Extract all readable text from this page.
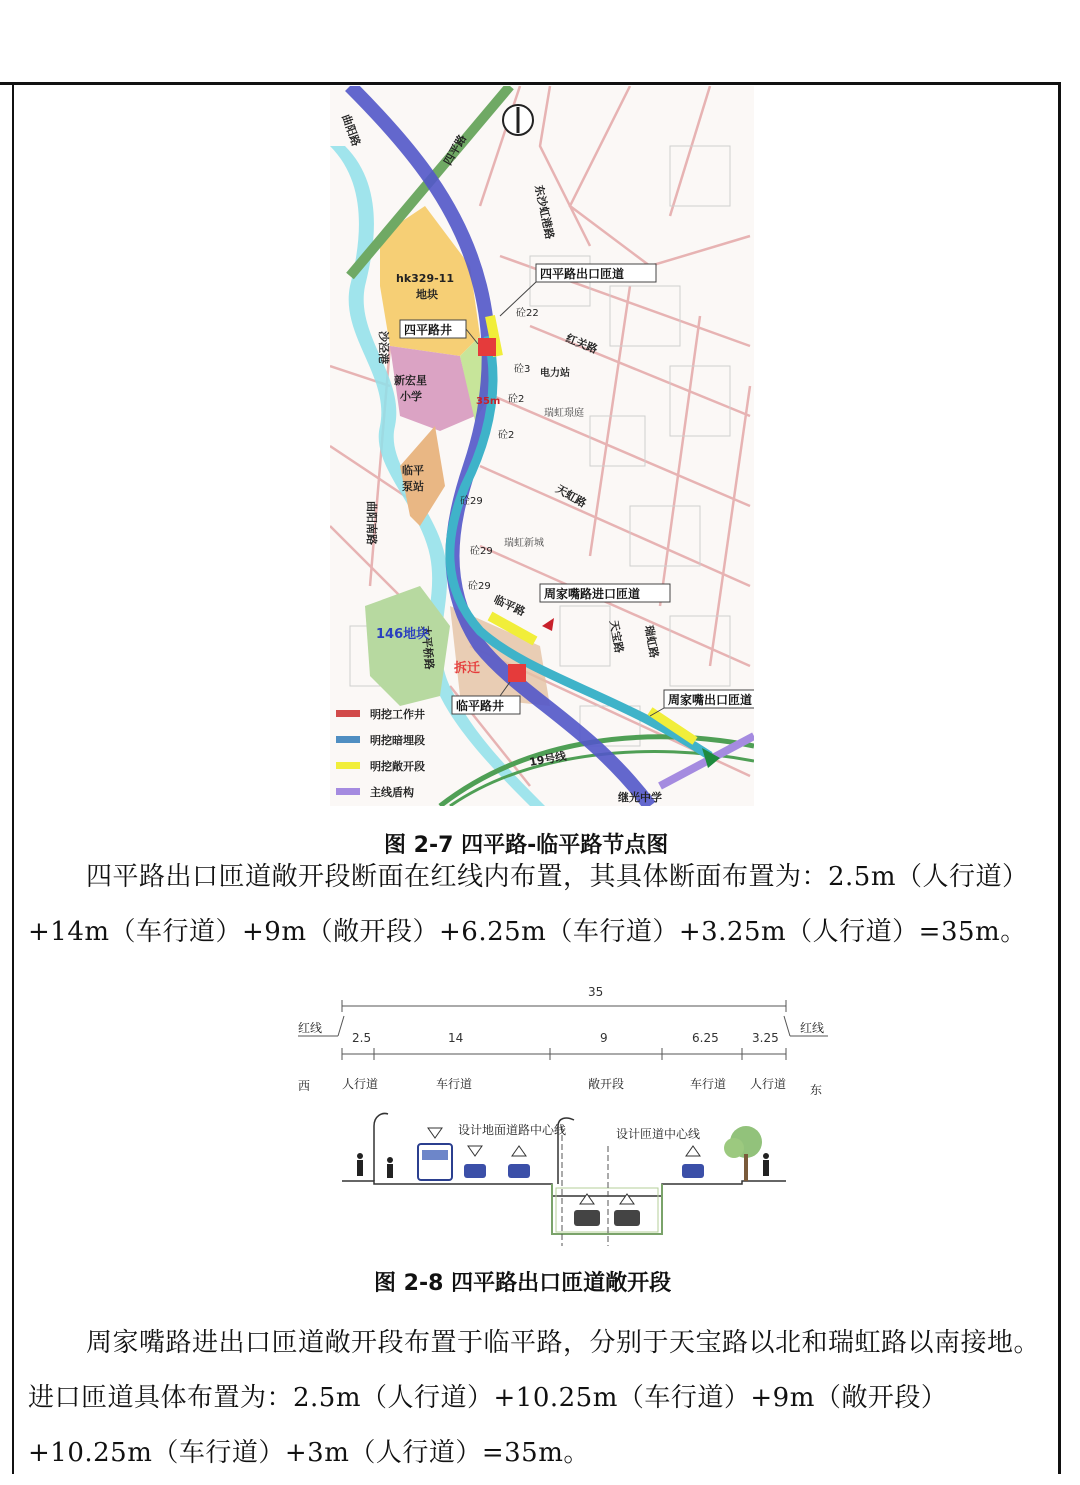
曲阳路
四平路
东沙虹港路
红关路
天虹路
曲阳南路
临平路
天宝路 瑞虹路
太平桥路
19号线
继光中学
hk329-11
地块
沙泾港
新宏星
小学
临平
泵站
146地块
拆迁
电力站
瑞虹璟庭
瑞虹新城
35m
砼22
砼3
砼2
砼2
砼29
砼29
砼29
四平路出口匝道
四平路井
周家嘴路进口匝道
临平路井	周家嘴出口匝道
明挖工作井
明挖暗埋段
明挖敞开段
主线盾构
图 2-7 四平路-临平路节点图

四平路出口匝道敞开段断面在红线内布置，其具体断面布置为：2.5m（人行道）+14m（车行道）+9m（敞开段）+6.25m（车行道）+3.25m（人行道）=35m。

35
红线	红线
2.5	14	9	6.25	3.25
西	东
人行道	车行道	敞开段	车行道 人行道
设计地面道路中心线	设计匝道中心线
图 2-8 四平路出口匝道敞开段

周家嘴路进出口匝道敞开段布置于临平路，分别于天宝路以北和瑞虹路以南接地。进口匝道具体布置为：2.5m（人行道）+10.25m（车行道）+9m（敞开段）+10.25m（车行道）+3m（人行道）=35m。
